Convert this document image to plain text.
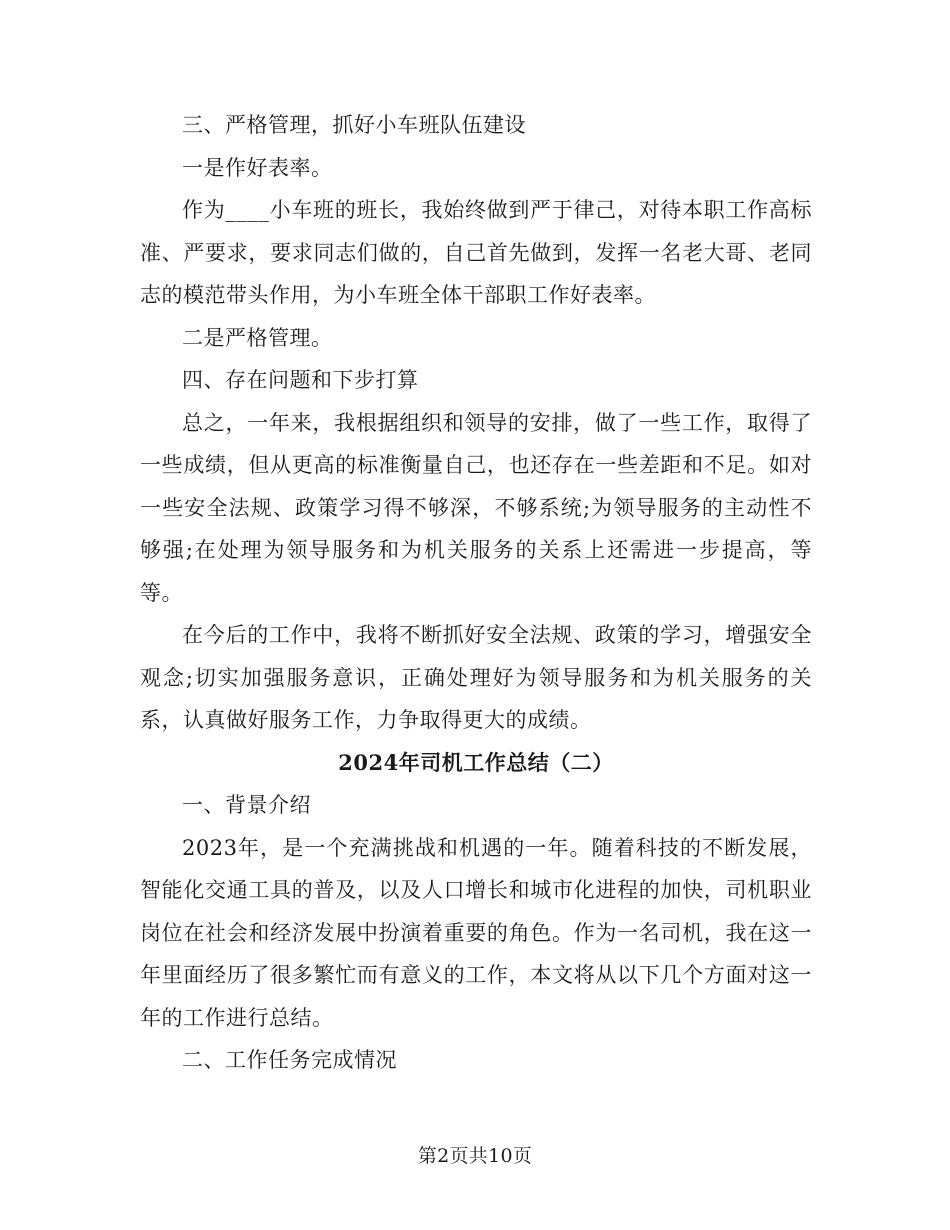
三、严格管理，抓好小车班队伍建设

一是作好表率。

作为____小车班的班长，我始终做到严于律己，对待本职工作高标准、严要求，要求同志们做的，自己首先做到，发挥一名老大哥、老同志的模范带头作用，为小车班全体干部职工作好表率。

二是严格管理。

四、存在问题和下步打算

总之，一年来，我根据组织和领导的安排，做了一些工作，取得了一些成绩，但从更高的标准衡量自己，也还存在一些差距和不足。如对一些安全法规、政策学习得不够深，不够系统;为领导服务的主动性不够强;在处理为领导服务和为机关服务的关系上还需进一步提高，等等。

在今后的工作中，我将不断抓好安全法规、政策的学习，增强安全观念;切实加强服务意识，正确处理好为领导服务和为机关服务的关系，认真做好服务工作，力争取得更大的成绩。

2024年司机工作总结（二）

一、背景介绍

2023年，是一个充满挑战和机遇的一年。随着科技的不断发展，智能化交通工具的普及，以及人口增长和城市化进程的加快，司机职业岗位在社会和经济发展中扮演着重要的角色。作为一名司机，我在这一年里面经历了很多繁忙而有意义的工作，本文将从以下几个方面对这一年的工作进行总结。

二、工作任务完成情况

第2页共10页
